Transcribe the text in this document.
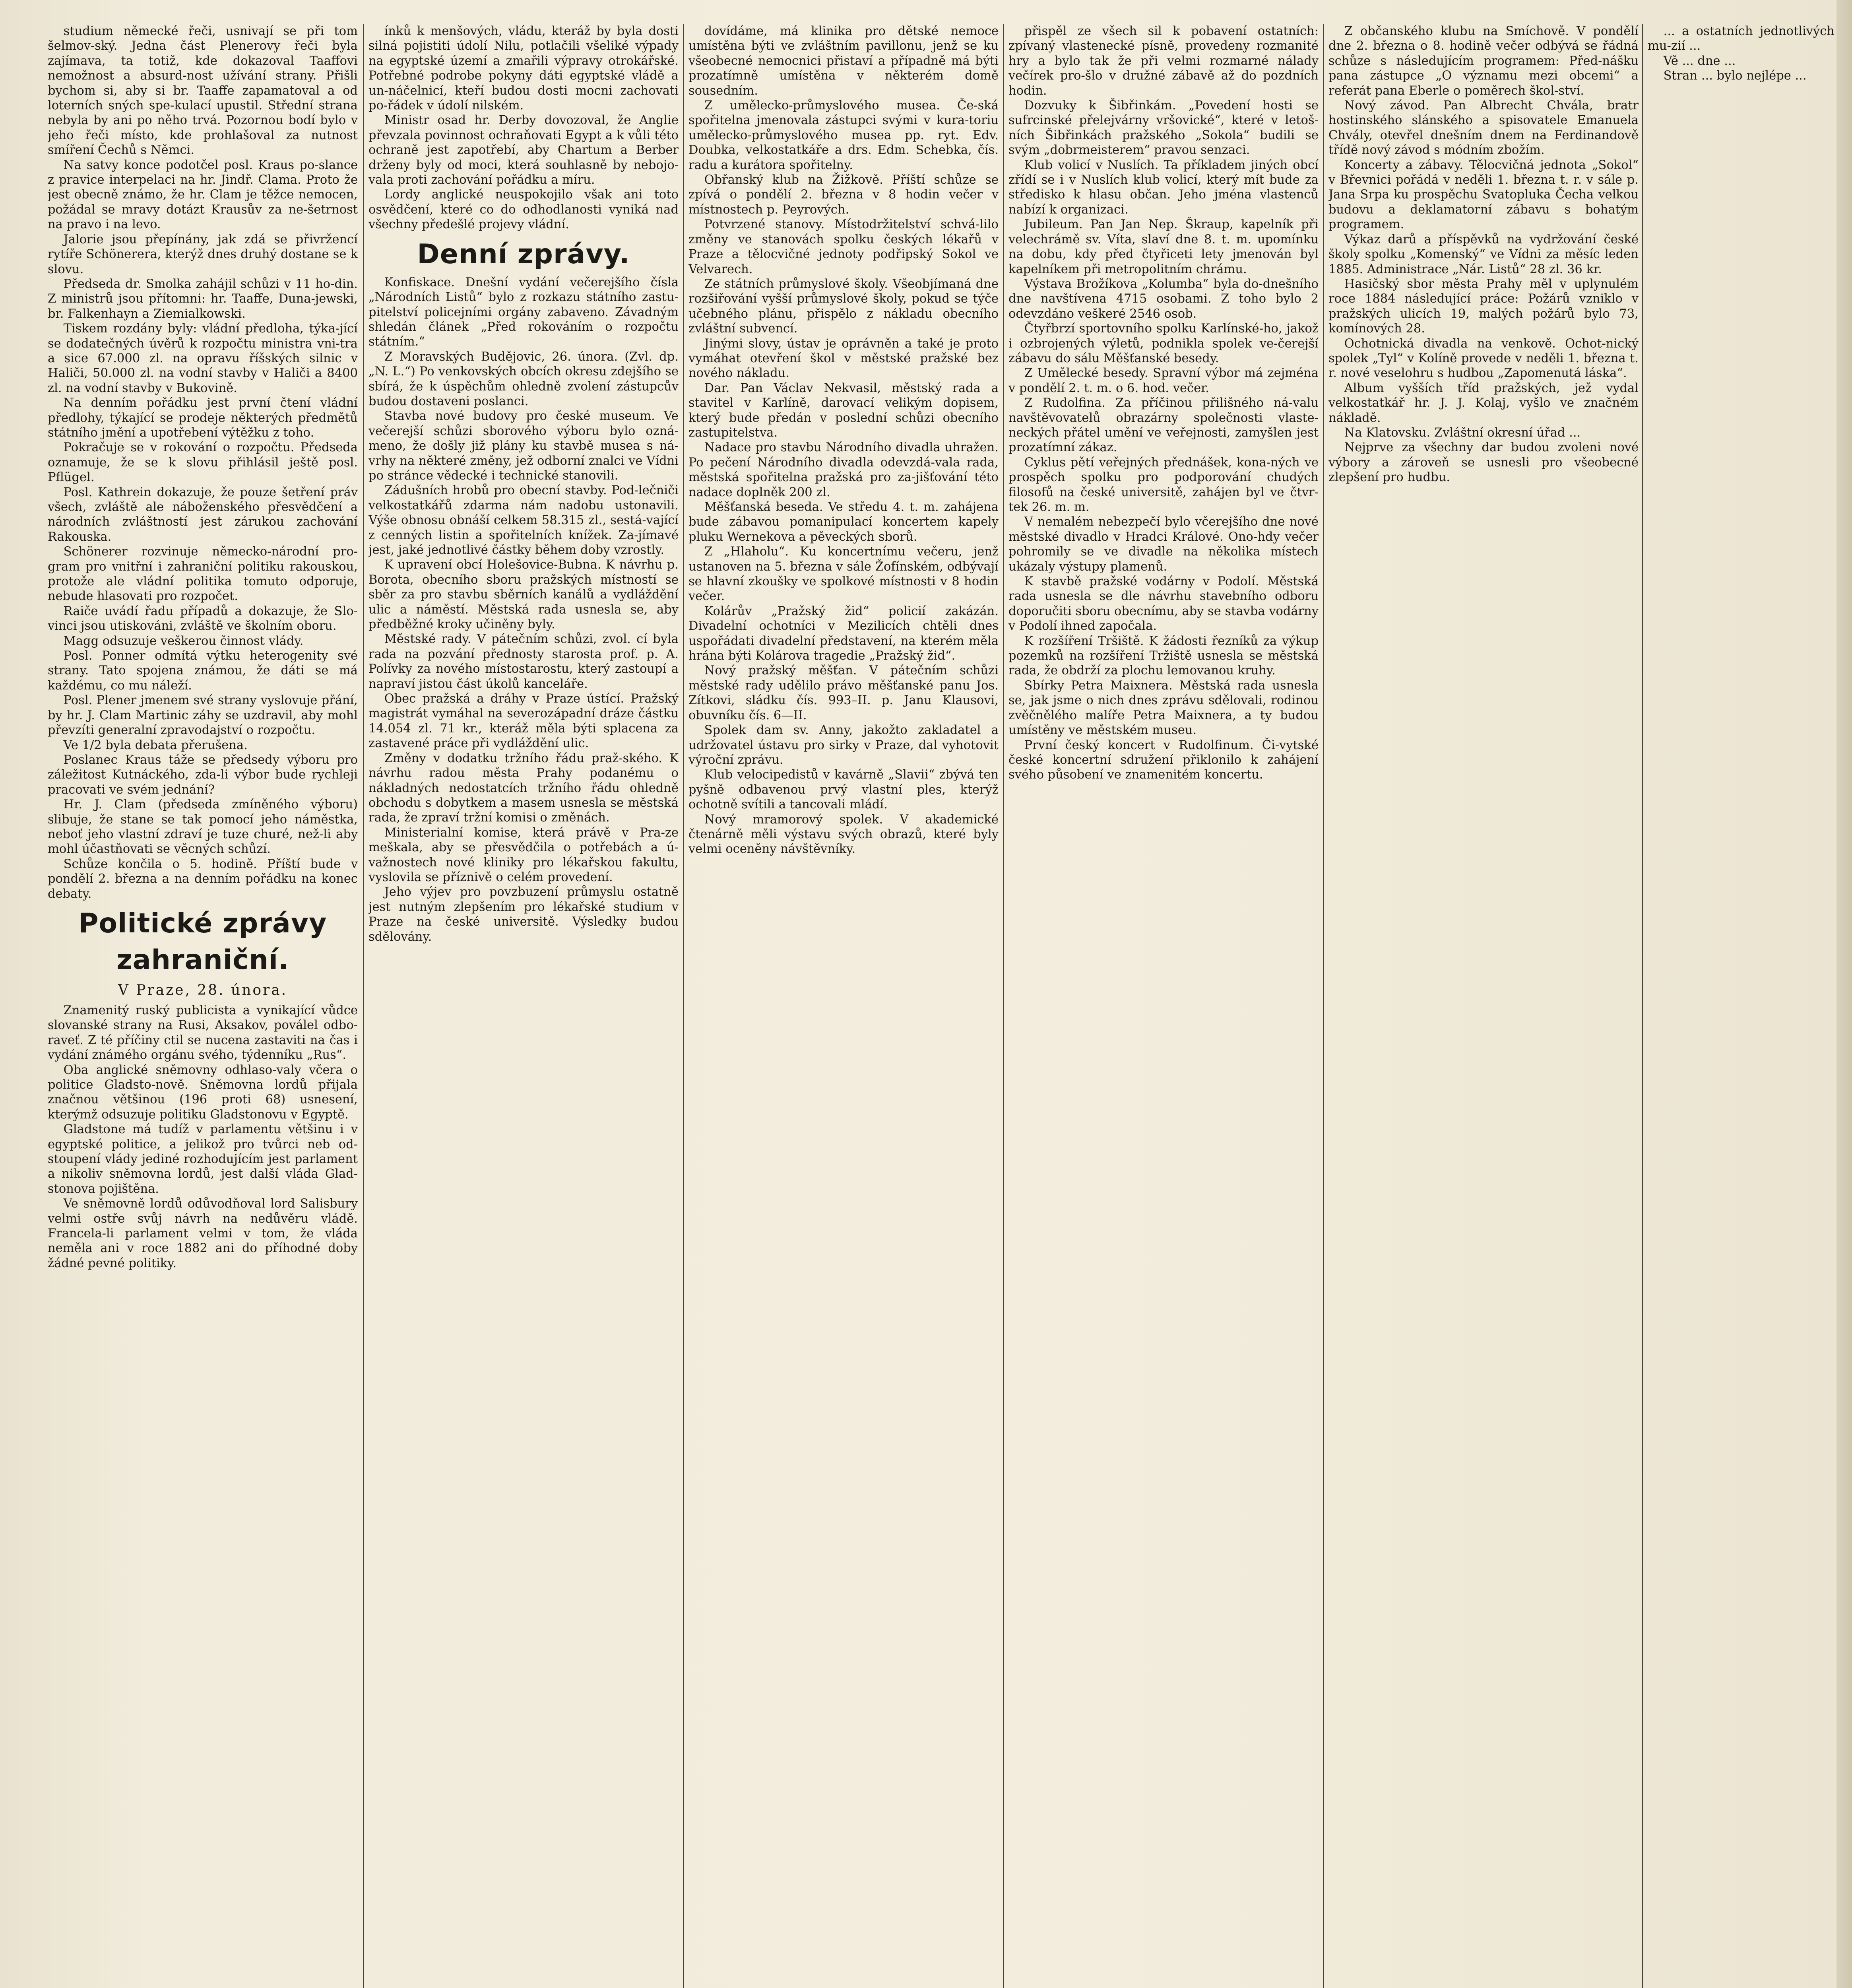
studium německé řeči, usnivají se při tom šelmov-ský. Jedna část Plenerovy řeči byla zajímava, ta totiž, kde dokazoval Taaffovi nemožnost a absurd-nost užívání strany. Přišli bychom si, aby si br. Taaffe zapamatoval a od loterních sných spe-kulací upustil. Střední strana nebyla by ani po něho trvá. Pozornou bodí bylo v jeho řeči místo, kde prohlašoval za nutnost smíření Čechů s Němci.

Na satvy konce podotčel posl. Kraus po-slance z pravice interpelaci na hr. Jindř. Clama. Proto že jest obecně známo, že hr. Clam je těžce nemocen, požádal se mravy dotázt Krausův za ne-šetrnost na pravo i na levo.

Jalorie jsou přepínány, jak zdá se přivržencí rytíře Schönerera, kterýž dnes druhý dostane se k slovu.

Předseda dr. Smolka zahájil schůzi v 11 ho-din. Z ministrů jsou přítomni: hr. Taaffe, Duna-jewski, br. Falkenhayn a Ziemialkowski.

Tiskem rozdány byly: vládní předloha, týka-jící se dodatečných úvěrů k rozpočtu ministra vni-tra a sice 67.000 zl. na opravu říšských silnic v Haliči, 50.000 zl. na vodní stavby v Haliči a 8400 zl. na vodní stavby v Bukovině.

Na denním pořádku jest první čtení vládní předlohy, týkající se prodeje některých předmětů státního jmění a upotřebení výtěžku z toho.

Pokračuje se v rokování o rozpočtu. Předseda oznamuje, že se k slovu přihlásil ještě posl. Pflügel.

Posl. Kathrein dokazuje, že pouze šetření práv všech, zvláště ale náboženského přesvědčení a národních zvláštností jest zárukou zachování Rakouska.

Schönerer rozvinuje německo-národní pro-gram pro vnitřní i zahraniční politiku rakouskou, protože ale vládní politika tomuto odporuje, nebude hlasovati pro rozpočet.

Raiče uvádí řadu případů a dokazuje, že Slo-vinci jsou utiskováni, zvláště ve školním oboru.

Magg odsuzuje veškerou činnost vlády.

Posl. Ponner odmítá výtku heterogenity své strany. Tato spojena známou, že dáti se má každému, co mu náleží.

Posl. Plener jmenem své strany vyslovuje přání, by hr. J. Clam Martinic záhy se uzdravil, aby mohl převzíti generalní zpravodajství o rozpočtu.

Ve 1/2 byla debata přerušena.

Poslanec Kraus táže se předsedy výboru pro záležitost Kutnáckého, zda-li výbor bude rychleji pracovati ve svém jednání?

Hr. J. Clam (předseda zmíněného výboru) slibuje, že stane se tak pomocí jeho náměstka, neboť jeho vlastní zdraví je tuze churé, než-li aby mohl účastňovati se věcných schůzí.

Schůze končila o 5. hodině. Příští bude v pondělí 2. března a na denním pořádku na konec debaty.

Politické zprávy zahraniční.
V Praze, 28. února.

Znamenitý ruský publicista a vynikající vůdce slovanské strany na Rusi, Aksakov, poválel odbo-raveť. Z té příčiny ctil se nucena zastaviti na čas i vydání známého orgánu svého, týdenníku „Rus“.

Oba anglické sněmovny odhlaso-valy včera o politice Gladsto-nově. Sněmovna lordů přijala značnou většinou (196 proti 68) usnesení, kterýmž odsuzuje politiku Gladstonovu v Egyptě.

Gladstone má tudíž v parlamentu většinu i v egyptské politice, a jelikož pro tvůrci neb od-stoupení vlády jediné rozhodujícím jest parlament a nikoliv sněmovna lordů, jest další vláda Glad-stonova pojištěna.

Ve sněmovně lordů odůvodňoval lord Salisbury velmi ostře svůj návrh na nedůvěru vládě. Francela-li parlament velmi v tom, že vláda neměla ani v roce 1882 ani do příhodné doby žádné pevné politiky.

ínků k menšových, vládu, kteráž by byla dosti silná pojistiti údolí Nilu, potlačili všeliké výpady na egyptské území a zmařili výpravy otrokářské. Potřebné podrobe pokyny dáti egyptské vládě a un-náčelnicí, kteří budou dosti mocni zachovati po-řádek v údolí nilském.

Ministr osad hr. Derby dovozoval, že Anglie převzala povinnost ochraňovati Egypt a k vůli této ochraně jest zapotřebí, aby Chartum a Berber drženy byly od moci, která souhlasně by nebojo-vala proti zachování pořádku a míru.

Lordy anglické neuspokojilo však ani toto osvědčení, které co do odhodlanosti vyniká nad všechny předešlé projevy vládní.

Denní zprávy.

Konfiskace. Dnešní vydání večerejšího čísla „Národních Listů“ bylo z rozkazu státního zastu-pitelství policejními orgány zabaveno. Závadným shledán článek „Před rokováním o rozpočtu státním.“

Z Moravských Budějovic, 26. února. (Zvl. dp. „N. L.“) Po venkovských obcích okresu zdejšího se sbírá, že k úspěchům ohledně zvolení zástupcův budou dostaveni poslanci.

Stavba nové budovy pro české museum. Ve večerejší schůzi sborového výboru bylo ozná-meno, že došly již plány ku stavbě musea s ná-vrhy na některé změny, jež odborní znalci ve Vídni po stránce vědecké i technické stanovili.

Zádušních hrobů pro obecní stavby. Pod-lečniči velkostatkářů zdarma nám nadobu ustonavili. Výše obnosu obnáší celkem 58.315 zl., sestá-vající z cenných listin a spořitelních knížek. Za-jímavé jest, jaké jednotlivé částky během doby vzrostly.

K upravení obcí Holešovice-Bubna. K návrhu p. Borota, obecního sboru pražských místností se sběr za pro stavbu sběrních kanálů a vydláždění ulic a náměstí. Městská rada usnesla se, aby předběžné kroky učiněny byly.

Městské rady. V pátečním schůzi, zvol. cí byla rada na pozvání přednosty starosta prof. p. A. Polívky za nového místostarostu, který zastoupí a napraví jistou část úkolů kanceláře.

Obec pražská a dráhy v Praze ústící. Pražský magistrát vymáhal na severozápadní dráze částku 14.054 zl. 71 kr., kteráž měla býti splacena za zastavené práce při vydláždění ulic.

Změny v dodatku tržního řádu praž-ského. K návrhu radou města Prahy podanému o nákladných nedostatcích tržního řádu ohledně obchodu s dobytkem a masem usnesla se městská rada, že zpraví tržní komisi o změnách.

Ministerialní komise, která právě v Pra-ze meškala, aby se přesvědčila o potřebách a ú-važnostech nové kliniky pro lékařskou fakultu, vyslovila se příznivě o celém provedení.

Jeho výjev pro povzbuzení průmyslu ostatně jest nutným zlepšením pro lékařské studium v Praze na české universitě. Výsledky budou sdělovány.

dovídáme, má klinika pro dětské nemoce umístěna býti ve zvláštním pavillonu, jenž se ku všeobecné nemocnici přistaví a případně má býti prozatímně umístěna v některém domě sousedním.

Z umělecko-průmyslového musea. Če-ská spořitelna jmenovala zástupci svými v kura-toriu umělecko-průmyslového musea pp. ryt. Edv. Doubka, velkostatkáře a drs. Edm. Schebka, čís. radu a kurátora spořitelny.

Obřanský klub na Žižkově. Příští schůze se zpívá o pondělí 2. března v 8 hodin večer v místnostech p. Peyrových.

Potvrzené stanovy. Místodržitelství schvá-lilo změny ve stanovách spolku českých lékařů v Praze a tělocvičné jednoty podřipský Sokol ve Velvarech.

Ze státních průmyslové školy. Všeobjímaná dne rozšiřování vyšší průmyslové školy, pokud se týče učebného plánu, přispělo z nákladu obecního zvláštní subvencí.

Jinými slovy, ústav je oprávněn a také je proto vymáhat otevření škol v městské pražské bez nového nákladu.

Dar. Pan Václav Nekvasil, městský rada a stavitel v Karlíně, darovací velikým dopisem, který bude předán v poslední schůzi obecního zastupitelstva.

Nadace pro stavbu Národního divadla uhražen. Po pečení Národního divadla odevzdá-vala rada, městská spořitelna pražská pro za-jišťování této nadace doplněk 200 zl.

Měšťanská beseda. Ve středu 4. t. m. zahájena bude zábavou pomanipulací koncertem kapely pluku Wernekova a pěveckých sborů.

Z „Hlaholu“. Ku koncertnímu večeru, jenž ustanoven na 5. března v sále Žofínském, odbývají se hlavní zkoušky ve spolkové místnosti v 8 hodin večer.

Kolárův „Pražský žid“ policií zakázán. Divadelní ochotníci v Mezilicích chtěli dnes uspořádati divadelní představení, na kterém měla hrána býti Kolárova tragedie „Pražský žid“.

Nový pražský měšťan. V pátečním schůzi městské rady udělilo právo měšťanské panu Jos. Zítkovi, sládku čís. 993–II. p. Janu Klausovi, obuvníku čís. 6—II.

Spolek dam sv. Anny, jakožto zakladatel a udržovatel ústavu pro sirky v Praze, dal vyhotovit výroční zprávu.

Klub velocipedistů v kavárně „Slavii“ zbývá ten pyšně odbavenou prvý vlastní ples, kterýž ochotně svítili a tancovali mládí.

Nový mramorový spolek. V akademické čtenárně měli výstavu svých obrazů, které byly velmi oceněny návštěvníky.

přispěl ze všech sil k pobavení ostatních: zpívaný vlastenecké písně, provedeny rozmanité hry a bylo tak že při velmi rozmarné nálady večírek pro-šlo v družné zábavě až do pozdních hodin.

Dozvuky k Šibřinkám. „Povedení hosti se sufrcinské přelejvárny vršovické“, které v letoš-ních Šibřinkách pražského „Sokola“ budili se svým „dobrmeisterem“ pravou senzaci.

Klub volicí v Nuslích. Ta příkladem jiných obcí zřídí se i v Nuslích klub volicí, který mít bude za středisko k hlasu občan. Jeho jména vlastenců nabízí k organizaci.

Jubileum. Pan Jan Nep. Škraup, kapelník při velechrámě sv. Víta, slaví dne 8. t. m. upomínku na dobu, kdy před čtyřiceti lety jmenován byl kapelníkem při metropolitním chrámu.

Výstava Brožíkova „Kolumba“ byla do-dnešního dne navštívena 4715 osobami. Z toho bylo 2 odevzdáno veškeré 2546 osob.

Čtyřbrzí sportovního spolku Karlínské-ho, jakož i ozbrojených výletů, podnikla spolek ve-čerejší zábavu do sálu Měšťanské besedy.

Z Umělecké besedy. Spravní výbor má zejména v pondělí 2. t. m. o 6. hod. večer.

Z Rudolfina. Za příčinou přilišného ná-valu navštěvovatelů obrazárny společnosti vlaste-neckých přátel umění ve veřejnosti, zamyšlen jest prozatímní zákaz.

Cyklus pětí veřejných přednášek, kona-ných ve prospěch spolku pro podporování chudých filosofů na české universitě, zahájen byl ve čtvr-tek 26. m. m.

V nemalém nebezpečí bylo včerejšího dne nové městské divadlo v Hradci Králové. Ono-hdy večer pohromily se ve divadle na několika místech ukázaly výstupy plamenů.

K stavbě pražské vodárny v Podolí. Městská rada usnesla se dle návrhu stavebního odboru doporučiti sboru obecnímu, aby se stavba vodárny v Podolí ihned započala.

K rozšíření Tršiště. K žádosti řezníků za výkup pozemků na rozšíření Tržiště usnesla se městská rada, že obdrží za plochu lemovanou kruhy.

Sbírky Petra Maixnera. Městská rada usnesla se, jak jsme o nich dnes zprávu sdělovali, rodinou zvěčnělého malíře Petra Maixnera, a ty budou umístěny ve městském museu.

První český koncert v Rudolfinum. Či-vytské české koncertní sdružení přiklonilo k zahájení svého působení ve znamenitém koncertu.

Z občanského klubu na Smíchově. V pondělí dne 2. března o 8. hodině večer odbývá se řádná schůze s následujícím programem: Před-nášku pana zástupce „O významu mezi obcemi“ a referát pana Eberle o poměrech škol-ství.

Nový závod. Pan Albrecht Chvála, bratr hostinského slánského a spisovatele Emanuela Chvály, otevřel dnešním dnem na Ferdinandově třídě nový závod s módním zbožím.

Koncerty a zábavy. Tělocvičná jednota „Sokol“ v Břevnici pořádá v neděli 1. března t. r. v sále p. Jana Srpa ku prospěchu Svatopluka Čecha velkou budovu a deklamatorní zábavu s bohatým programem.

Výkaz darů a příspěvků na vydržování české školy spolku „Komenský“ ve Vídni za měsíc leden 1885. Administrace „Nár. Listů“ 28 zl. 36 kr.

Hasičský sbor města Prahy měl v uplynulém roce 1884 následující práce: Požárů vzniklo v pražských ulicích 19, malých požárů bylo 73, komínových 28.

Ochotnická divadla na venkově. Ochot-nický spolek „Tyl“ v Kolíně provede v neděli 1. března t. r. nové veselohru s hudbou „Zapomenutá láska“.

Album vyšších tříd pražských, jež vydal velkostatkář hr. J. J. Kolaj, vyšlo ve značném nákladě.

Na Klatovsku. Zvláštní okresní úřad ...

Nejprve za všechny dar budou zvoleni nové výbory a zároveň se usnesli pro všeobecné zlepšení pro hudbu.

... a ostatních jednotlivých mu-zií ...

Vě ... dne ...

Stran ... bylo nejlépe ...
